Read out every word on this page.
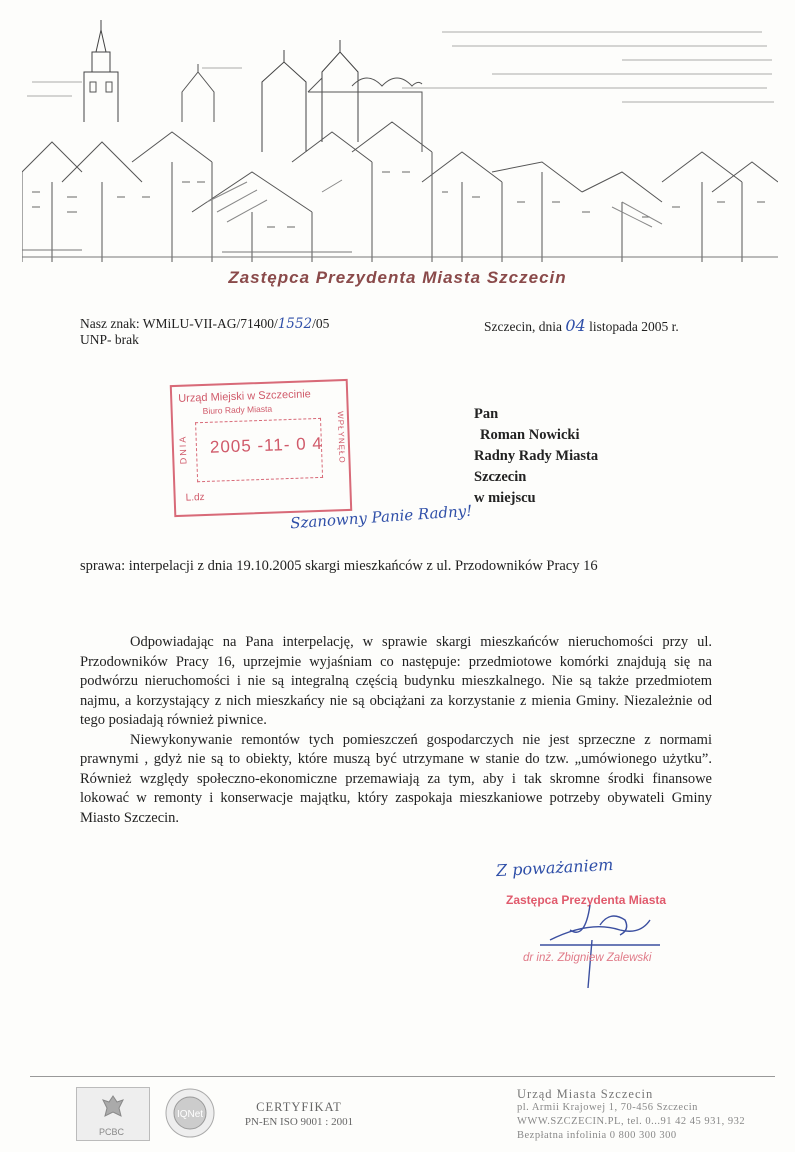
Zastępca Prezydenta Miasta Szczecin
Nasz znak: WMiLU-VII-AG/71400/1552/05
UNP- brak
Szczecin, dnia 04 listopada 2005 r.
Urząd Miejski w Szczecinie
Biuro Rady Miasta
DNIA 2005 -11- 0 4 WPŁYNĘŁO
L.dz
Pan
Roman Nowicki
Radny Rady Miasta
Szczecin
w miejscu
Szanowny Panie Radny!
sprawa: interpelacji z dnia 19.10.2005 skargi mieszkańców z ul. Przodowników Pracy 16

Odpowiadając na Pana interpelację, w sprawie skargi mieszkańców nieruchomości przy ul. Przodowników Pracy 16, uprzejmie wyjaśniam co następuje: przedmiotowe komórki znajdują się na podwórzu nieruchomości i nie są integralną częścią budynku mieszkalnego. Nie są także przedmiotem najmu, a korzystający z nich mieszkańcy nie są obciążani za korzystanie z mienia Gminy. Niezależnie od tego posiadają również piwnice.

Niewykonywanie remontów tych pomieszczeń gospodarczych nie jest sprzeczne z normami prawnymi , gdyż nie są to obiekty, które muszą być utrzymane w stanie do tzw. „umówionego użytku”. Również względy społeczno-ekonomiczne przemawiają za tym, aby i tak skromne środki finansowe lokować w remonty i konserwacje majątku, który zaspokaja mieszkaniowe potrzeby obywateli Gminy Miasto Szczecin.

Z poważaniem
Zastępca Prezydenta Miasta
dr inż. Zbigniew Zalewski
PCBC
IQNet
CERTYFIKAT
PN-EN ISO 9001 : 2001
Urząd Miasta Szczecin
pl. Armii Krajowej 1, 70-456 Szczecin
WWW.SZCZECIN.PL, tel. 0...91 42 45 931, 932
Bezpłatna infolinia 0 800 300 300
